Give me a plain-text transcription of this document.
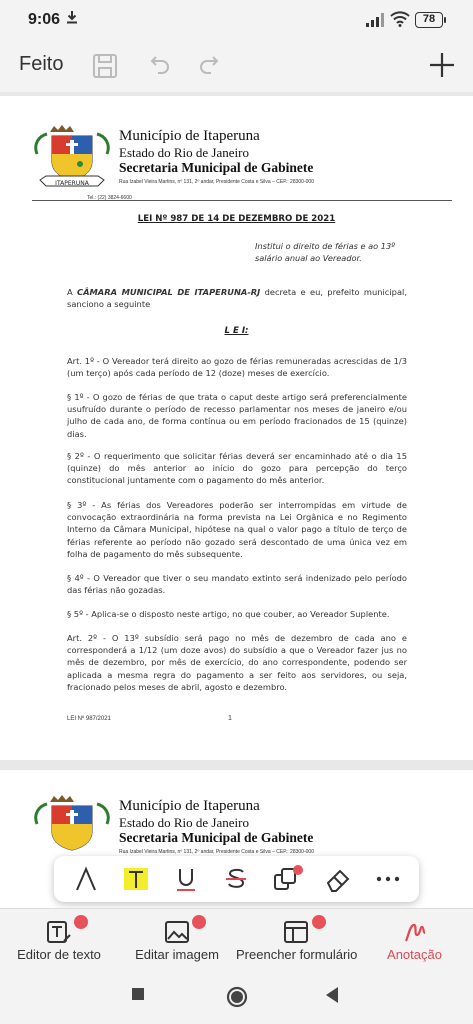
9:06	78
Feito
ITAPERUNA
Município de Itaperuna
Estado do Rio de Janeiro
Secretaria Municipal de Gabinete
Rua Izabel Vieira Martins, nº 131, 2º andar, Presidente Costa e Silva – CEP.: 28300-000
Tel.: (22) 3824-6600
LEI Nº 987 DE 14 DE DEZEMBRO DE 2021
Institui o direito de férias e ao 13º salário anual ao Vereador.
A CÂMARA MUNICIPAL DE ITAPERUNA-RJ decreta e eu, prefeito municipal, sanciono a seguinte
L E I:
Art. 1º - O Vereador terá direito ao gozo de férias remuneradas acrescidas de 1/3 (um terço) após cada período de 12 (doze) meses de exercício.
§ 1º - O gozo de férias de que trata o caput deste artigo será preferencialmente usufruído durante o período de recesso parlamentar nos meses de janeiro e/ou julho de cada ano, de forma contínua ou em período fracionados de 15 (quinze) dias.
§ 2º - O requerimento que solicitar férias deverá ser encaminhado até o dia 15 (quinze) do mês anterior ao início do gozo para percepção do terço constitucional juntamente com o pagamento do mês anterior.
§ 3º - As férias dos Vereadores poderão ser interrompidas em virtude de convocação extraordinária na forma prevista na Lei Orgânica e no Regimento Interno da Câmara Municipal, hipótese na qual o valor pago a título de terço de férias referente ao período não gozado será descontado de uma única vez em folha de pagamento do mês subsequente.
§ 4º - O Vereador que tiver o seu mandato extinto será indenizado pelo período das férias não gozadas.
§ 5º - Aplica-se o disposto neste artigo, no que couber, ao Vereador Suplente.
Art. 2º - O 13º subsídio será pago no mês de dezembro de cada ano e corresponderá a 1/12 (um doze avos) do subsídio a que o Vereador fazer jus no mês de dezembro, por mês de exercício, do ano correspondente, podendo ser aplicada a mesma regra do pagamento a ser feito aos servidores, ou seja, fracionado pelos meses de abril, agosto e dezembro.
LEI Nº 987/2021	1
Município de Itaperuna
Estado do Rio de Janeiro
Secretaria Municipal de Gabinete
Rua Izabel Vieira Martins, nº 131, 2º andar, Presidente Costa e Silva – CEP.: 28300-000
Editor de texto	Editar imagem	Preencher formulário	Anotação
